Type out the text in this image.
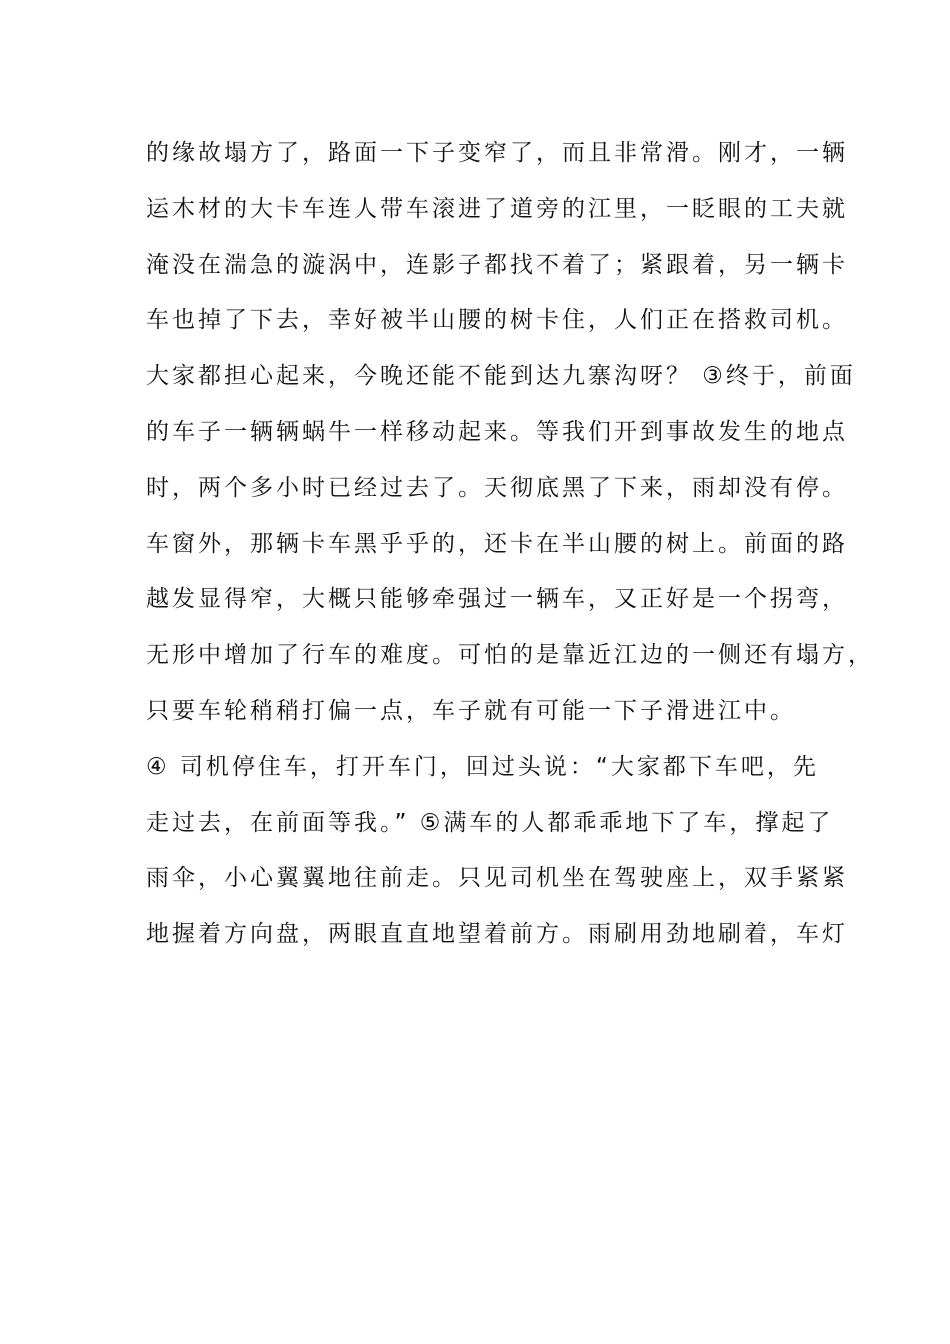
的缘故塌方了，路面一下子变窄了，而且非常滑。刚才，一辆
运木材的大卡车连人带车滚进了道旁的江里，一眨眼的工夫就
淹没在湍急的漩涡中，连影子都找不着了；紧跟着，另一辆卡
车也掉了下去，幸好被半山腰的树卡住，人们正在搭救司机。
大家都担心起来，今晚还能不能到达九寨沟呀？ ③终于，前面
的车子一辆辆蜗牛一样移动起来。等我们开到事故发生的地点
时，两个多小时已经过去了。天彻底黑了下来，雨却没有停。
车窗外，那辆卡车黑乎乎的，还卡在半山腰的树上。前面的路
越发显得窄，大概只能够牵强过一辆车，又正好是一个拐弯，
无形中增加了行车的难度。可怕的是靠近江边的一侧还有塌方，
只要车轮稍稍打偏一点，车子就有可能一下子滑进江中。
④ 司机停住车，打开车门，回过头说：“大家都下车吧，先
走过去，在前面等我。” ⑤满车的人都乖乖地下了车，撑起了
雨伞，小心翼翼地往前走。只见司机坐在驾驶座上，双手紧紧
地握着方向盘，两眼直直地望着前方。雨刷用劲地刷着，车灯
